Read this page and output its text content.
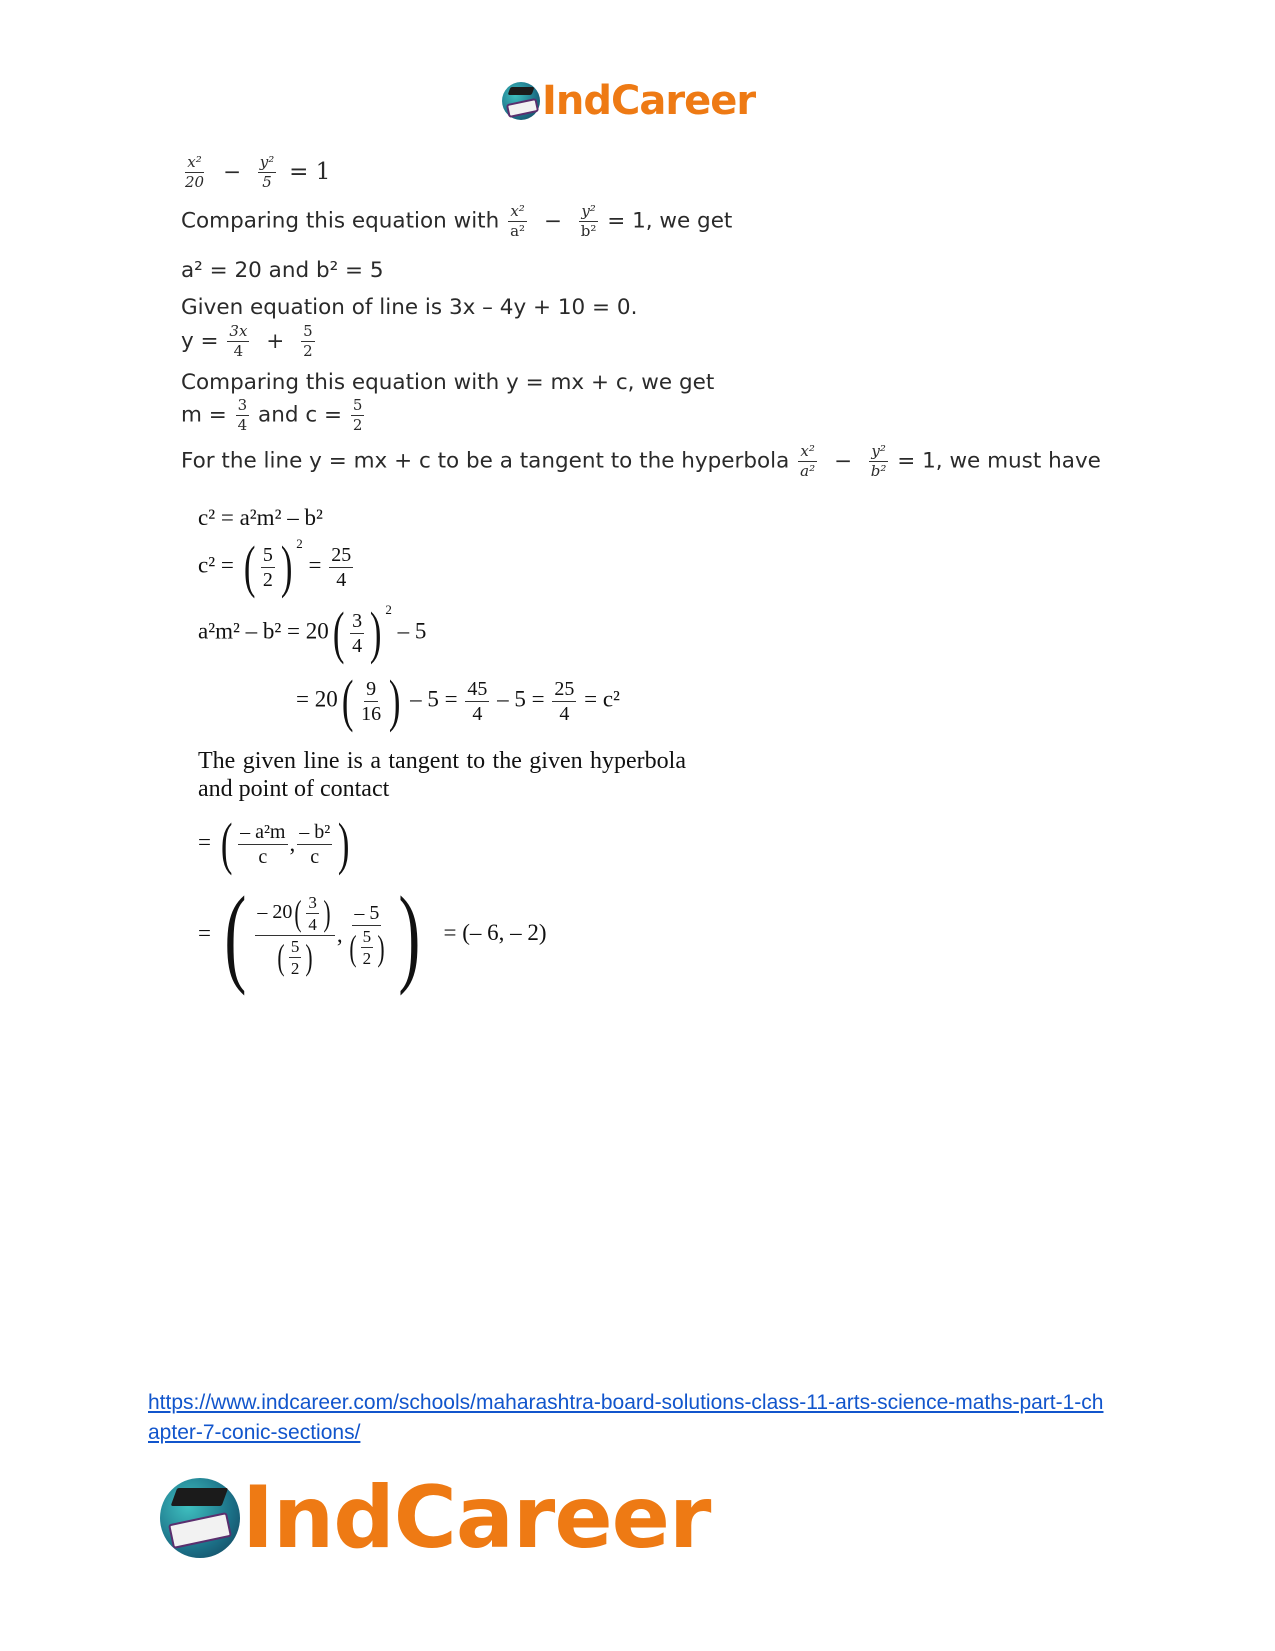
IndCareer
$\frac{\text{x²}}{20} - \frac{\text{y²}}{5} = 1$
Comparing this equation with $\frac{\text{x²}}{\text{a²}} - \frac{\text{y²}}{\text{b²}} = 1$, we get
a² = 20 and b² = 5
Given equation of line is 3x – 4y + 10 = 0.
$y = \frac{3x}{4} + \frac{5}{2}$
Comparing this equation with y = mx + c, we get
$m = \frac{3}{4}$ and $c = \frac{5}{2}$
For the line y = mx + c to be a tangent to the hyperbola $\frac{\text{x²}}{\text{a²}} - \frac{\text{y²}}{\text{b²}} = 1$, we must have
c² = a²m² – b²
c² = ( $\frac{5}{2}$ ) $^2 = \frac{25}{4}$
a²m² – b² = 20 ( $\frac{3}{4}$ ) $^2$ – 5
= 20 ( $\frac{9}{16}$ ) – $5 = \frac{45}{4} - 5 = \frac{25}{4} = c^2$
The given line is a tangent to the given hyperbola and point of contact
= ( $\frac{\text{– a²m}}{c}$ , $\frac{\text{– b²}}{c}$ )
= ( $\frac{- 20 ( \frac{3}{4} )}{( \frac{5}{2} )}$ , $\frac{- 5}{( \frac{5}{2} )}$ ) = (– 6, – 2)
https://www.indcareer.com/schools/maharashtra-board-solutions-class-11-arts-science-maths-part-1-chapter-7-conic-sections/
IndCareer
